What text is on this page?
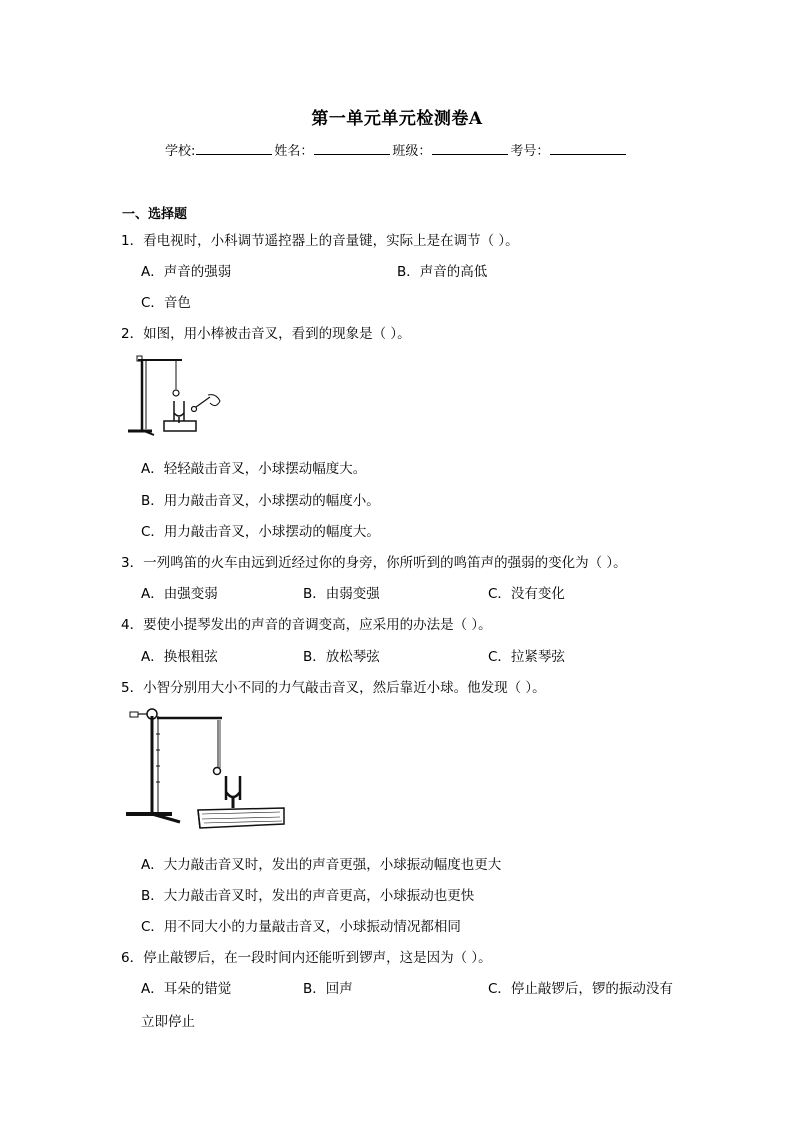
第一单元单元检测卷A
学校:	姓名：	班级：	考号：
一、选择题
1．看电视时，小科调节遥控器上的音量键，实际上是在调节（ ）。
A．声音的强弱	B．声音的高低
C．音色
2．如图，用小棒被击音叉，看到的现象是（ ）。
A．轻轻敲击音叉，小球摆动幅度大。
B．用力敲击音叉，小球摆动的幅度小。
C．用力敲击音叉，小球摆动的幅度大。
3．一列鸣笛的火车由远到近经过你的身旁，你所听到的鸣笛声的强弱的变化为（ ）。
A．由强变弱	B．由弱变强	C．没有变化
4．要使小提琴发出的声音的音调变高，应采用的办法是（ ）。
A．换根粗弦	B．放松琴弦	C．拉紧琴弦
5．小智分别用大小不同的力气敲击音叉，然后靠近小球。他发现（ ）。
A．大力敲击音叉时，发出的声音更强，小球振动幅度也更大
B．大力敲击音叉时，发出的声音更高，小球振动也更快
C．用不同大小的力量敲击音叉，小球振动情况都相同
6．停止敲锣后，在一段时间内还能听到锣声，这是因为（ ）。
A．耳朵的错觉	B．回声	C．停止敲锣后，锣的振动没有
立即停止
